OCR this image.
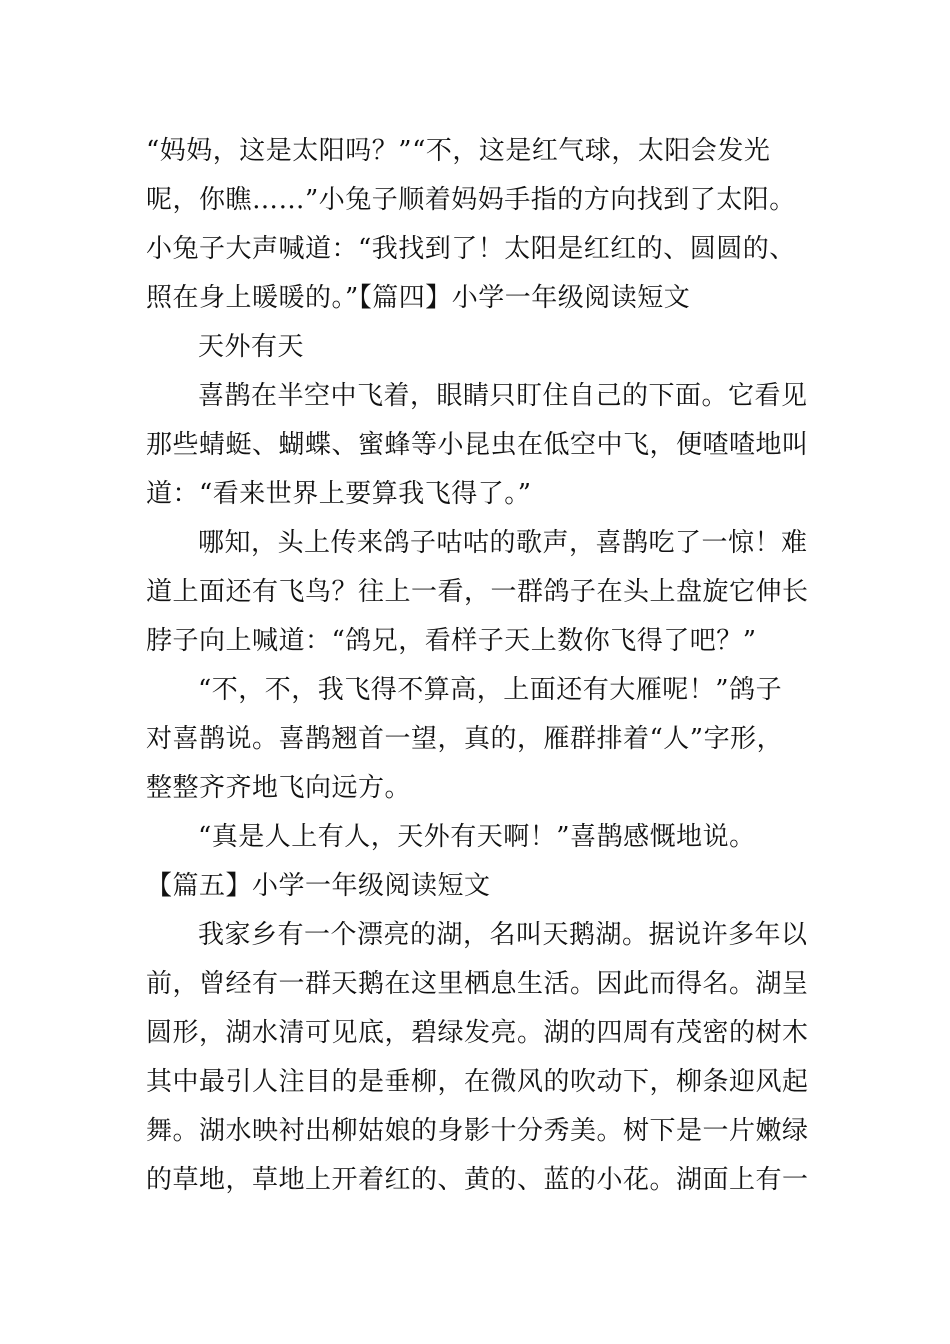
“妈妈，这是太阳吗？”“不，这是红气球，太阳会发光
呢，你瞧……”小兔子顺着妈妈手指的方向找到了太阳。
小兔子大声喊道：“我找到了！太阳是红红的、圆圆的、
照在身上暖暖的。”【篇四】小学一年级阅读短文
天外有天
喜鹊在半空中飞着，眼睛只盯住自己的下面。它看见
那些蜻蜓、蝴蝶、蜜蜂等小昆虫在低空中飞，便喳喳地叫
道：“看来世界上要算我飞得了。”
哪知，头上传来鸽子咕咕的歌声，喜鹊吃了一惊！难
道上面还有飞鸟？往上一看，一群鸽子在头上盘旋它伸长
脖子向上喊道：“鸽兄，看样子天上数你飞得了吧？”
“不，不，我飞得不算高，上面还有大雁呢！”鸽子
对喜鹊说。喜鹊翘首一望，真的，雁群排着“人”字形，
整整齐齐地飞向远方。
“真是人上有人，天外有天啊！”喜鹊感慨地说。
【篇五】小学一年级阅读短文
我家乡有一个漂亮的湖，名叫天鹅湖。据说许多年以
前，曾经有一群天鹅在这里栖息生活。因此而得名。湖呈
圆形，湖水清可见底，碧绿发亮。湖的四周有茂密的树木
其中最引人注目的是垂柳，在微风的吹动下，柳条迎风起
舞。湖水映衬出柳姑娘的身影十分秀美。树下是一片嫩绿
的草地，草地上开着红的、黄的、蓝的小花。湖面上有一
